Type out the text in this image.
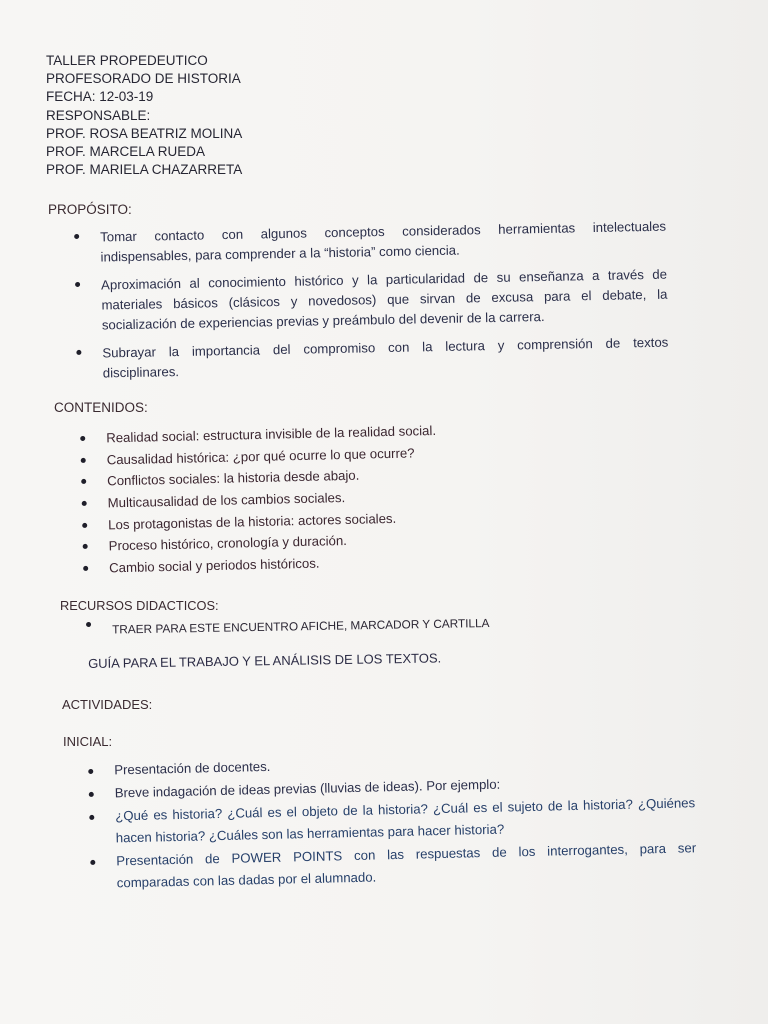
TALLER PROPEDEUTICO
PROFESORADO DE HISTORIA
FECHA: 12-03-19
RESPONSABLE:
PROF. ROSA BEATRIZ MOLINA
PROF. MARCELA RUEDA
PROF. MARIELA CHAZARRETA
PROPÓSITO:
Tomar contacto con algunos conceptos considerados herramientas intelectuales
indispensables, para comprender a la “historia” como ciencia.
Aproximación al conocimiento histórico y la particularidad de su enseñanza a través de
materiales básicos (clásicos y novedosos) que sirvan de excusa para el debate, la
socialización de experiencias previas y preámbulo del devenir de la carrera.
Subrayar la importancia del compromiso con la lectura y comprensión de textos
disciplinares.
CONTENIDOS:
Realidad social: estructura invisible de la realidad social.
Causalidad histórica: ¿por qué ocurre lo que ocurre?
Conflictos sociales: la historia desde abajo.
Multicausalidad de los cambios sociales.
Los protagonistas de la historia: actores sociales.
Proceso histórico, cronología y duración.
Cambio social y periodos históricos.
RECURSOS DIDACTICOS:
TRAER PARA ESTE ENCUENTRO AFICHE, MARCADOR Y CARTILLA
GUÍA PARA EL TRABAJO Y EL ANÁLISIS DE LOS TEXTOS.
ACTIVIDADES:
INICIAL:
Presentación de docentes.
Breve indagación de ideas previas (lluvias de ideas). Por ejemplo:
¿Qué es historia? ¿Cuál es el objeto de la historia? ¿Cuál es el sujeto de la historia? ¿Quiénes
hacen historia? ¿Cuáles son las herramientas para hacer historia?
Presentación de POWER POINTS con las respuestas de los interrogantes, para ser
comparadas con las dadas por el alumnado.
